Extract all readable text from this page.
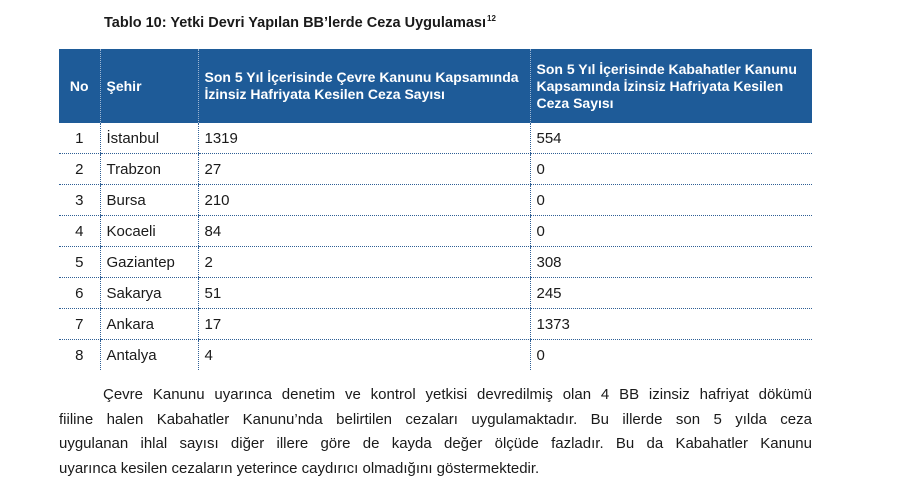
Tablo 10: Yetki Devri Yapılan BB’lerde Ceza Uygulaması$^{12}$
No	Şehir	Son 5 Yıl İçerisinde Çevre Kanunu Kapsamında İzinsiz Hafriyata Kesilen Ceza Sayısı	Son 5 Yıl İçerisinde Kabahatler Kanunu Kapsamında İzinsiz Hafriyata Kesilen Ceza Sayısı
1	İstanbul	1319	554
2	Trabzon	27	0
3	Bursa	210	0
4	Kocaeli	84	0
5	Gaziantep	2	308
6	Sakarya	51	245
7	Ankara	17	1373
8	Antalya	4	0
Çevre Kanunu uyarınca denetim ve kontrol yetkisi devredilmiş olan 4 BB izinsiz hafriyat dökümü
fiiline halen Kabahatler Kanunu’nda belirtilen cezaları uygulamaktadır. Bu illerde son 5 yılda ceza
uygulanan ihlal sayısı diğer illere göre de kayda değer ölçüde fazladır. Bu da Kabahatler Kanunu
uyarınca kesilen cezaların yeterince caydırıcı olmadığını göstermektedir.
